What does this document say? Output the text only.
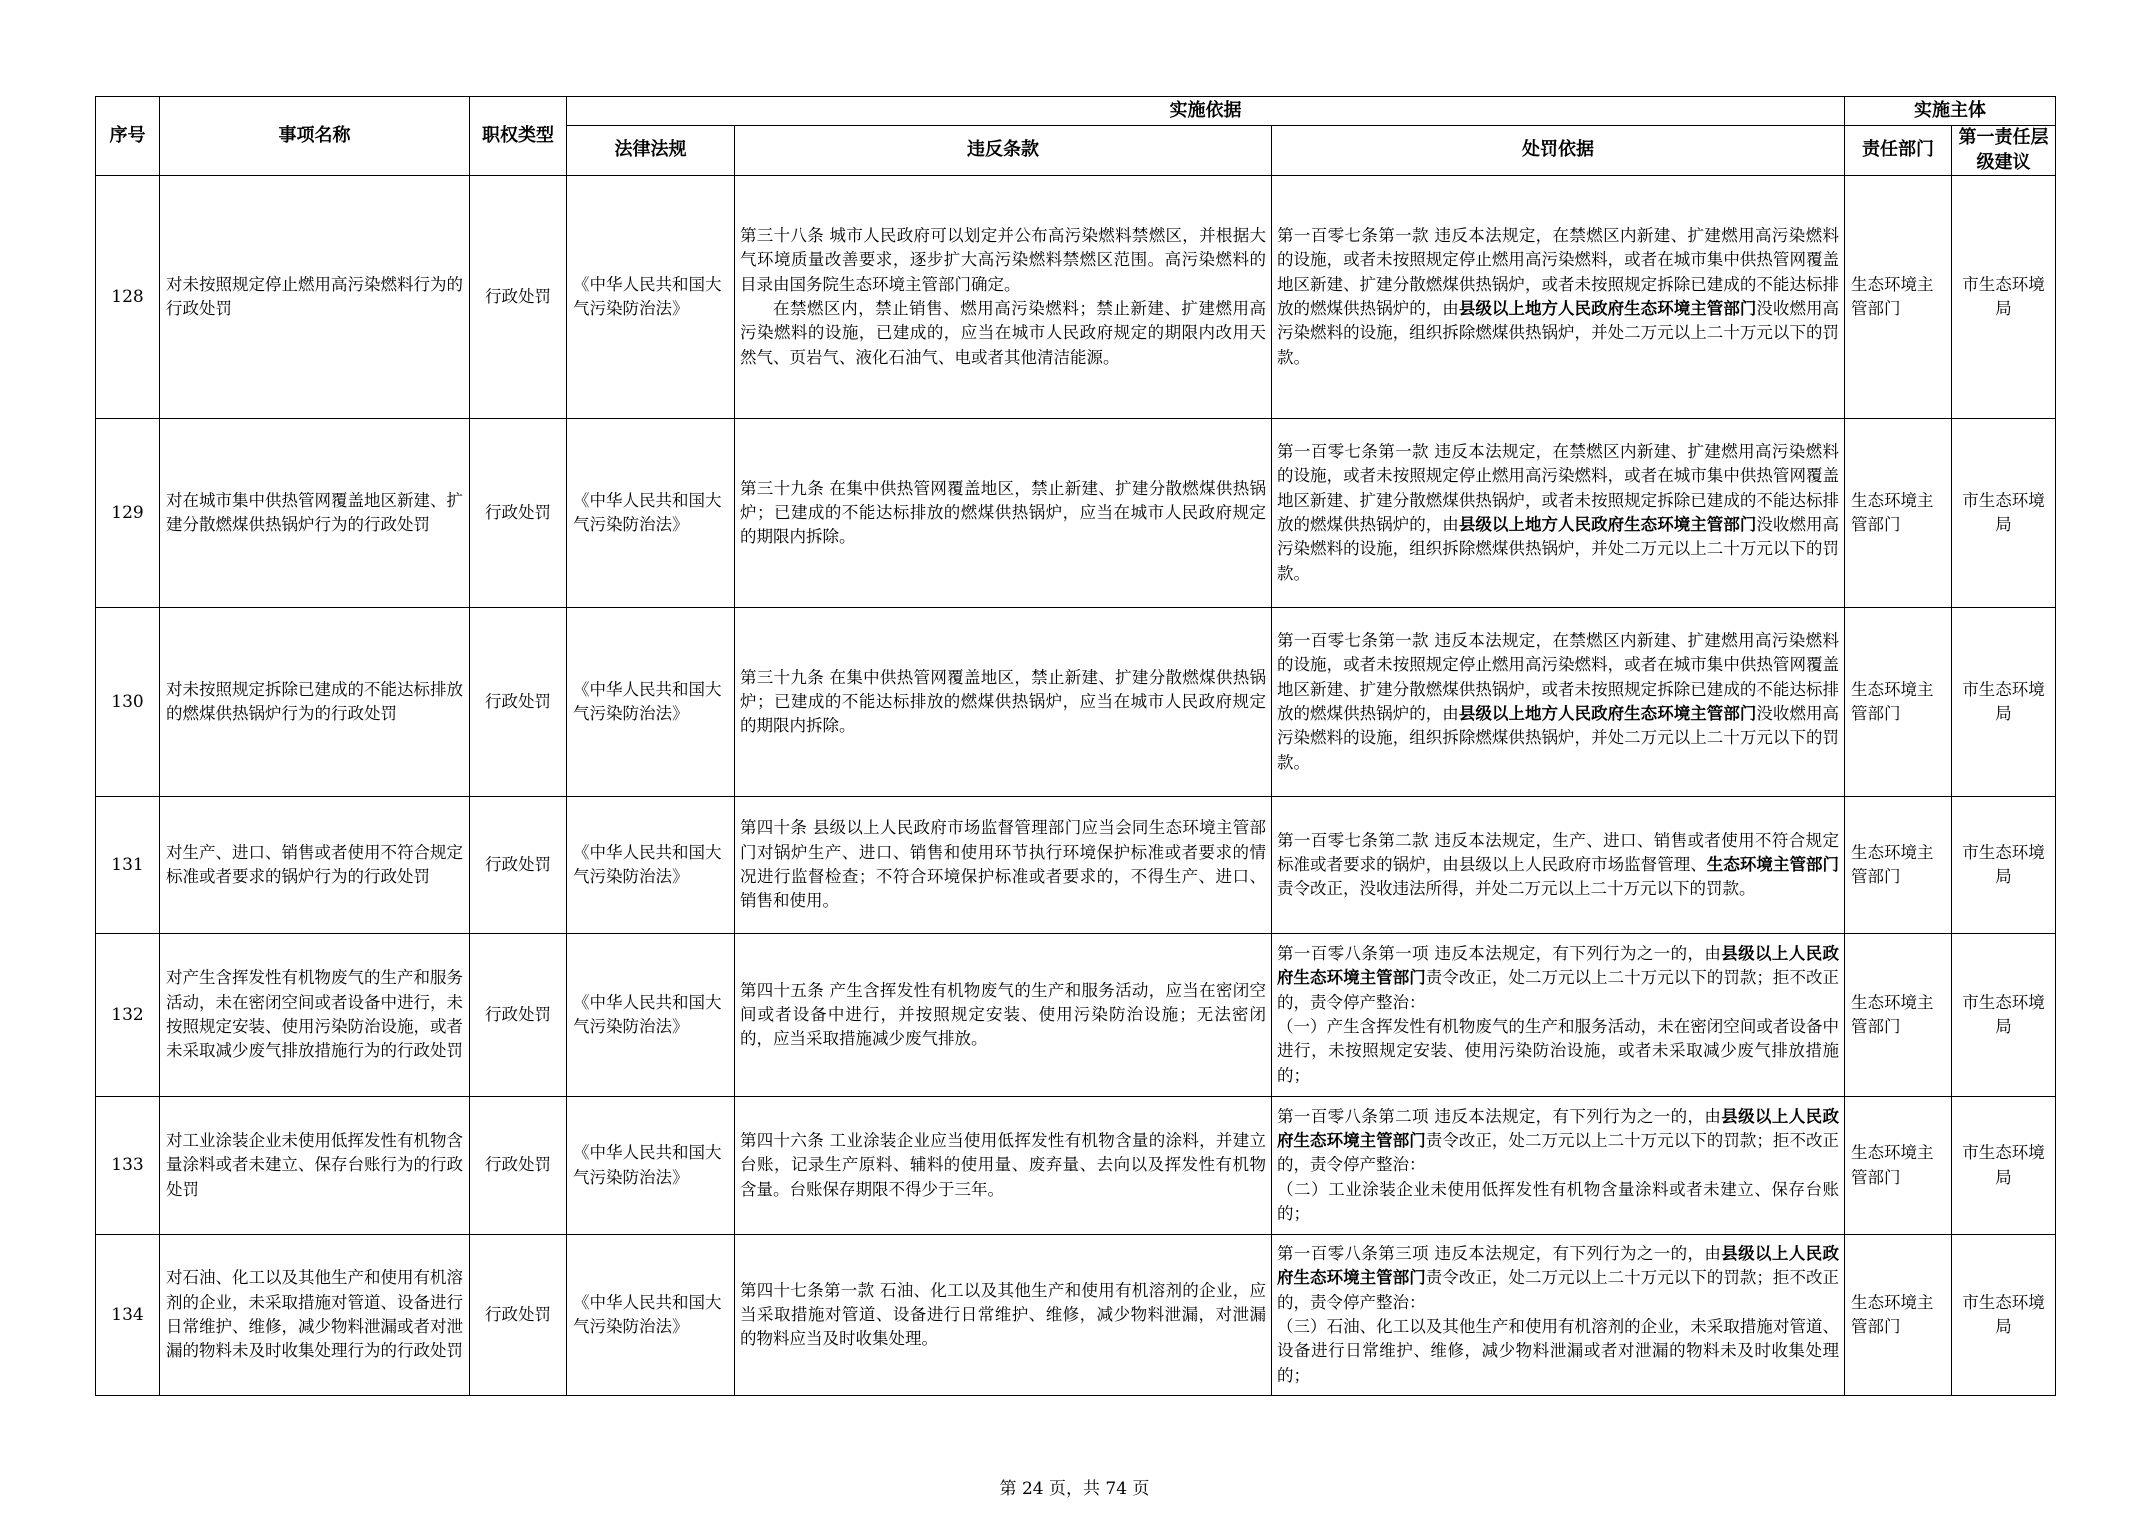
序号	事项名称	职权类型	实施依据			实施主体	
			法律法规	违反条款	处罚依据	责任部门	第一责任层级建议
128	对未按照规定停止燃用高污染燃料行为的行政处罚	行政处罚	《中华人民共和国大气污染防治法》	第三十八条 城市人民政府可以划定并公布高污染燃料禁燃区，并根据大气环境质量改善要求，逐步扩大高污染燃料禁燃区范围。高污染燃料的目录由国务院生态环境主管部门确定。
在禁燃区内，禁止销售、燃用高污染燃料；禁止新建、扩建燃用高污染燃料的设施，已建成的，应当在城市人民政府规定的期限内改用天然气、页岩气、液化石油气、电或者其他清洁能源。	第一百零七条第一款 违反本法规定，在禁燃区内新建、扩建燃用高污染燃料的设施，或者未按照规定停止燃用高污染燃料，或者在城市集中供热管网覆盖地区新建、扩建分散燃煤供热锅炉，或者未按照规定拆除已建成的不能达标排放的燃煤供热锅炉的，由县级以上地方人民政府生态环境主管部门没收燃用高污染燃料的设施，组织拆除燃煤供热锅炉，并处二万元以上二十万元以下的罚款。	生态环境主管部门	市生态环境局
129	对在城市集中供热管网覆盖地区新建、扩建分散燃煤供热锅炉行为的行政处罚	行政处罚	《中华人民共和国大气污染防治法》	第三十九条 在集中供热管网覆盖地区，禁止新建、扩建分散燃煤供热锅炉；已建成的不能达标排放的燃煤供热锅炉，应当在城市人民政府规定的期限内拆除。	第一百零七条第一款 违反本法规定，在禁燃区内新建、扩建燃用高污染燃料的设施，或者未按照规定停止燃用高污染燃料，或者在城市集中供热管网覆盖地区新建、扩建分散燃煤供热锅炉，或者未按照规定拆除已建成的不能达标排放的燃煤供热锅炉的，由县级以上地方人民政府生态环境主管部门没收燃用高污染燃料的设施，组织拆除燃煤供热锅炉，并处二万元以上二十万元以下的罚款。	生态环境主管部门	市生态环境局
130	对未按照规定拆除已建成的不能达标排放的燃煤供热锅炉行为的行政处罚	行政处罚	《中华人民共和国大气污染防治法》	第三十九条 在集中供热管网覆盖地区，禁止新建、扩建分散燃煤供热锅炉；已建成的不能达标排放的燃煤供热锅炉，应当在城市人民政府规定的期限内拆除。	第一百零七条第一款 违反本法规定，在禁燃区内新建、扩建燃用高污染燃料的设施，或者未按照规定停止燃用高污染燃料，或者在城市集中供热管网覆盖地区新建、扩建分散燃煤供热锅炉，或者未按照规定拆除已建成的不能达标排放的燃煤供热锅炉的，由县级以上地方人民政府生态环境主管部门没收燃用高污染燃料的设施，组织拆除燃煤供热锅炉，并处二万元以上二十万元以下的罚款。	生态环境主管部门	市生态环境局
131	对生产、进口、销售或者使用不符合规定标准或者要求的锅炉行为的行政处罚	行政处罚	《中华人民共和国大气污染防治法》	第四十条 县级以上人民政府市场监督管理部门应当会同生态环境主管部门对锅炉生产、进口、销售和使用环节执行环境保护标准或者要求的情况进行监督检查；不符合环境保护标准或者要求的，不得生产、进口、销售和使用。	第一百零七条第二款 违反本法规定，生产、进口、销售或者使用不符合规定标准或者要求的锅炉，由县级以上人民政府市场监督管理、生态环境主管部门责令改正，没收违法所得，并处二万元以上二十万元以下的罚款。	生态环境主管部门	市生态环境局
132	对产生含挥发性有机物废气的生产和服务活动，未在密闭空间或者设备中进行，未按照规定安装、使用污染防治设施，或者未采取减少废气排放措施行为的行政处罚	行政处罚	《中华人民共和国大气污染防治法》	第四十五条 产生含挥发性有机物废气的生产和服务活动，应当在密闭空间或者设备中进行，并按照规定安装、使用污染防治设施；无法密闭的，应当采取措施减少废气排放。	第一百零八条第一项 违反本法规定，有下列行为之一的，由县级以上人民政府生态环境主管部门责令改正，处二万元以上二十万元以下的罚款；拒不改正的，责令停产整治：
（一）产生含挥发性有机物废气的生产和服务活动，未在密闭空间或者设备中进行，未按照规定安装、使用污染防治设施，或者未采取减少废气排放措施的；	生态环境主管部门	市生态环境局
133	对工业涂装企业未使用低挥发性有机物含量涂料或者未建立、保存台账行为的行政处罚	行政处罚	《中华人民共和国大气污染防治法》	第四十六条 工业涂装企业应当使用低挥发性有机物含量的涂料，并建立台账，记录生产原料、辅料的使用量、废弃量、去向以及挥发性有机物含量。台账保存期限不得少于三年。	第一百零八条第二项 违反本法规定，有下列行为之一的，由县级以上人民政府生态环境主管部门责令改正，处二万元以上二十万元以下的罚款；拒不改正的，责令停产整治：
（二）工业涂装企业未使用低挥发性有机物含量涂料或者未建立、保存台账的；	生态环境主管部门	市生态环境局
134	对石油、化工以及其他生产和使用有机溶剂的企业，未采取措施对管道、设备进行日常维护、维修，减少物料泄漏或者对泄漏的物料未及时收集处理行为的行政处罚	行政处罚	《中华人民共和国大气污染防治法》	第四十七条第一款 石油、化工以及其他生产和使用有机溶剂的企业，应当采取措施对管道、设备进行日常维护、维修，减少物料泄漏，对泄漏的物料应当及时收集处理。	第一百零八条第三项 违反本法规定，有下列行为之一的，由县级以上人民政府生态环境主管部门责令改正，处二万元以上二十万元以下的罚款；拒不改正的，责令停产整治：
（三）石油、化工以及其他生产和使用有机溶剂的企业，未采取措施对管道、设备进行日常维护、维修，减少物料泄漏或者对泄漏的物料未及时收集处理的；	生态环境主管部门	市生态环境局
第 24 页，共 74 页
